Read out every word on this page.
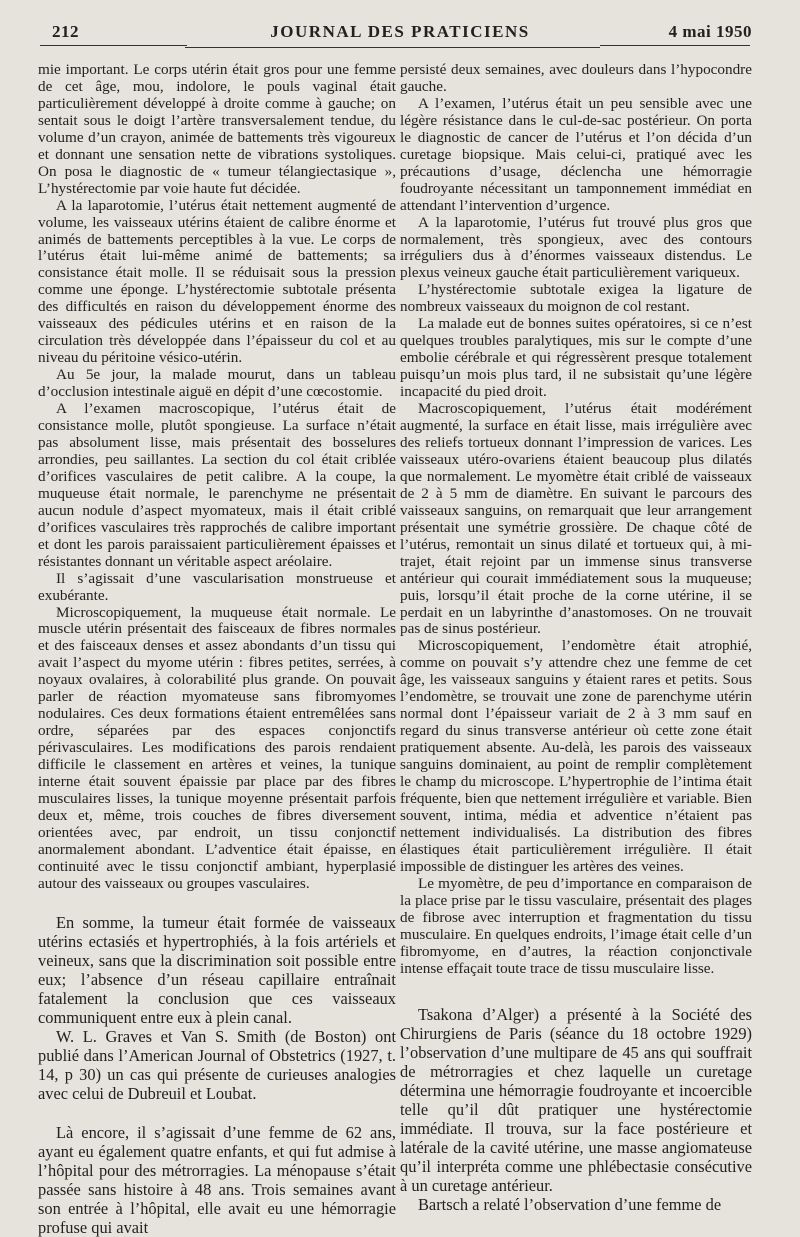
212	JOURNAL DES PRATICIENS	4 mai 1950

mie important. Le corps utérin était gros pour une femme de cet âge, mou, indolore, le pouls vaginal était particulièrement développé à droite comme à gauche; on sentait sous le doigt l’artère transversalement tendue, du volume d’un crayon, animée de battements très vigoureux et donnant une sensation nette de vibrations systoliques. On posa le diagnostic de « tumeur télangiectasique », L’hystérectomie par voie haute fut décidée.

A la laparotomie, l’utérus était nettement augmenté de volume, les vaisseaux utérins étaient de calibre énorme et animés de battements perceptibles à la vue. Le corps de l’utérus était lui-même animé de battements; sa consistance était molle. Il se réduisait sous la pression comme une éponge. L’hystérectomie subtotale présenta des difficultés en raison du développement énorme des vaisseaux des pédicules utérins et en raison de la circulation très développée dans l’épaisseur du col et au niveau du péritoine vésico-utérin.

Au 5e jour, la malade mourut, dans un tableau d’occlusion intestinale aiguë en dépit d’une cœcostomie.

A l’examen macroscopique, l’utérus était de consistance molle, plutôt spongieuse. La surface n’était pas absolument lisse, mais présentait des bosselures arrondies, peu saillantes. La section du col était criblée d’orifices vasculaires de petit calibre. A la coupe, la muqueuse était normale, le parenchyme ne présentait aucun nodule d’aspect myomateux, mais il était criblé d’orifices vasculaires très rapprochés de calibre important et dont les parois paraissaient particulièrement épaisses et résistantes donnant un véritable aspect aréolaire.

Il s’agissait d’une vascularisation monstrueuse et exubérante.

Microscopiquement, la muqueuse était normale. Le muscle utérin présentait des faisceaux de fibres normales et des faisceaux denses et assez abondants d’un tissu qui avait l’aspect du myome utérin : fibres petites, serrées, à noyaux ovalaires, à colorabilité plus grande. On pouvait parler de réaction myomateuse sans fibromyomes nodulaires. Ces deux formations étaient entremêlées sans ordre, séparées par des espaces conjonctifs périvasculaires. Les modifications des parois rendaient difficile le classement en artères et veines, la tunique interne était souvent épaissie par place par des fibres musculaires lisses, la tunique moyenne présentait parfois deux et, même, trois couches de fibres diversement orientées avec, par endroit, un tissu conjonctif anormalement abondant. L’adventice était épaisse, en continuité avec le tissu conjonctif ambiant, hyperplasié autour des vaisseaux ou groupes vasculaires.

En somme, la tumeur était formée de vaisseaux utérins ectasiés et hypertrophiés, à la fois artériels et veineux, sans que la discrimination soit possible entre eux; l’absence d’un réseau capillaire entraînait fatalement la conclusion que ces vaisseaux communiquent entre eux à plein canal.

W. L. Graves et Van S. Smith (de Boston) ont publié dans l’American Journal of Obstetrics (1927, t. 14, p 30) un cas qui présente de curieuses analogies avec celui de Dubreuil et Loubat.

Là encore, il s’agissait d’une femme de 62 ans, ayant eu également quatre enfants, et qui fut admise à l’hôpital pour des métrorragies. La ménopause s’était passée sans histoire à 48 ans. Trois semaines avant son entrée à l’hôpital, elle avait eu une hémorragie profuse qui avait

persisté deux semaines, avec douleurs dans l’hypocondre gauche.

A l’examen, l’utérus était un peu sensible avec une légère résistance dans le cul-de-sac postérieur. On porta le diagnostic de cancer de l’utérus et l’on décida d’un curetage biopsique. Mais celui-ci, pratiqué avec les précautions d’usage, déclencha une hémorragie foudroyante nécessitant un tamponnement immédiat en attendant l’intervention d’urgence.

A la laparotomie, l’utérus fut trouvé plus gros que normalement, très spongieux, avec des contours irréguliers dus à d’énormes vaisseaux distendus. Le plexus veineux gauche était particulièrement variqueux.

L’hystérectomie subtotale exigea la ligature de nombreux vaisseaux du moignon de col restant.

La malade eut de bonnes suites opératoires, si ce n’est quelques troubles paralytiques, mis sur le compte d’une embolie cérébrale et qui régressèrent presque totalement puisqu’un mois plus tard, il ne subsistait qu’une légère incapacité du pied droit.

Macroscopiquement, l’utérus était modérément augmenté, la surface en était lisse, mais irrégulière avec des reliefs tortueux donnant l’impression de varices. Les vaisseaux utéro-ovariens étaient beaucoup plus dilatés que normalement. Le myomètre était criblé de vaisseaux de 2 à 5 mm de diamètre. En suivant le parcours des vaisseaux sanguins, on remarquait que leur arrangement présentait une symétrie grossière. De chaque côté de l’utérus, remontait un sinus dilaté et tortueux qui, à mi-trajet, était rejoint par un immense sinus transverse antérieur qui courait immédiatement sous la muqueuse; puis, lorsqu’il était proche de la corne utérine, il se perdait en un labyrinthe d’anastomoses. On ne trouvait pas de sinus postérieur.

Microscopiquement, l’endomètre était atrophié, comme on pouvait s’y attendre chez une femme de cet âge, les vaisseaux sanguins y étaient rares et petits. Sous l’endomètre, se trouvait une zone de parenchyme utérin normal dont l’épaisseur variait de 2 à 3 mm sauf en regard du sinus transverse antérieur où cette zone était pratiquement absente. Au-delà, les parois des vaisseaux sanguins dominaient, au point de remplir complètement le champ du microscope. L’hypertrophie de l’intima était fréquente, bien que nettement irrégulière et variable. Bien souvent, intima, média et adventice n’étaient pas nettement individualisés. La distribution des fibres élastiques était particulièrement irrégulière. Il était impossible de distinguer les artères des veines.

Le myomètre, de peu d’importance en comparaison de la place prise par le tissu vasculaire, présentait des plages de fibrose avec interruption et fragmentation du tissu musculaire. En quelques endroits, l’image était celle d’un fibromyome, en d’autres, la réaction conjonctivale intense effaçait toute trace de tissu musculaire lisse.

Tsakona d’Alger) a présenté à la Société des Chirurgiens de Paris (séance du 18 octobre 1929) l’observation d’une multipare de 45 ans qui souffrait de métrorragies et chez laquelle un curetage détermina une hémorragie foudroyante et incoercible telle qu’il dût pratiquer une hystérectomie immédiate. Il trouva, sur la face postérieure et latérale de la cavité utérine, une masse angiomateuse qu’il interpréta comme une phlébectasie consécutive à un curetage antérieur.

Bartsch a relaté l’observation d’une femme de
